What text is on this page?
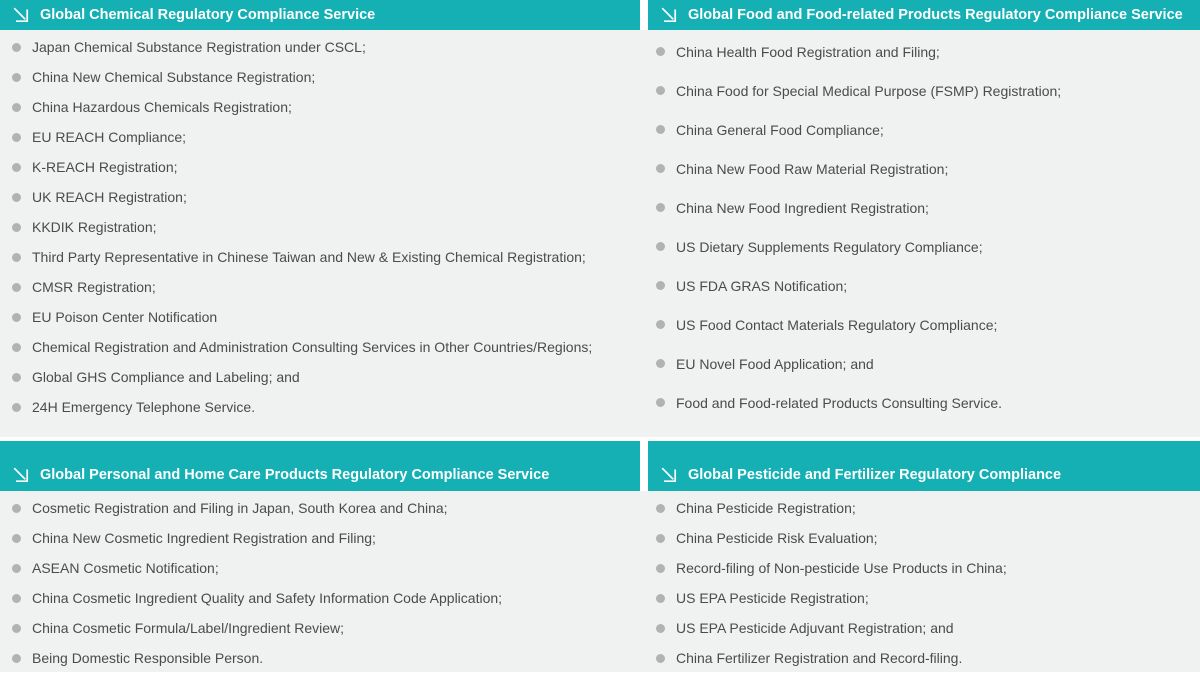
Global Chemical Regulatory Compliance Service	Global Food and Food-related Products Regulatory Compliance Service
Japan Chemical Substance Registration under CSCL;
China New Chemical Substance Registration;
China Hazardous Chemicals Registration;
EU REACH Compliance;
K-REACH Registration;
UK REACH Registration;
KKDIK Registration;
Third Party Representative in Chinese Taiwan and New & Existing Chemical Registration;
CMSR Registration;
EU Poison Center Notification
Chemical Registration and Administration Consulting Services in Other Countries/Regions;
Global GHS Compliance and Labeling; and
24H Emergency Telephone Service.
China Health Food Registration and Filing;
China Food for Special Medical Purpose (FSMP) Registration;
China General Food Compliance;
China New Food Raw Material Registration;
China New Food Ingredient Registration;
US Dietary Supplements Regulatory Compliance;
US FDA GRAS Notification;
US Food Contact Materials Regulatory Compliance;
EU Novel Food Application; and
Food and Food-related Products Consulting Service.
Global Personal and Home Care Products Regulatory Compliance Service	Global Pesticide and Fertilizer Regulatory Compliance
Cosmetic Registration and Filing in Japan, South Korea and China;
China New Cosmetic Ingredient Registration and Filing;
ASEAN Cosmetic Notification;
China Cosmetic Ingredient Quality and Safety Information Code Application;
China Cosmetic Formula/Label/Ingredient Review;
Being Domestic Responsible Person.
China Pesticide Registration;
China Pesticide Risk Evaluation;
Record-filing of Non-pesticide Use Products in China;
US EPA Pesticide Registration;
US EPA Pesticide Adjuvant Registration; and
China Fertilizer Registration and Record-filing.
